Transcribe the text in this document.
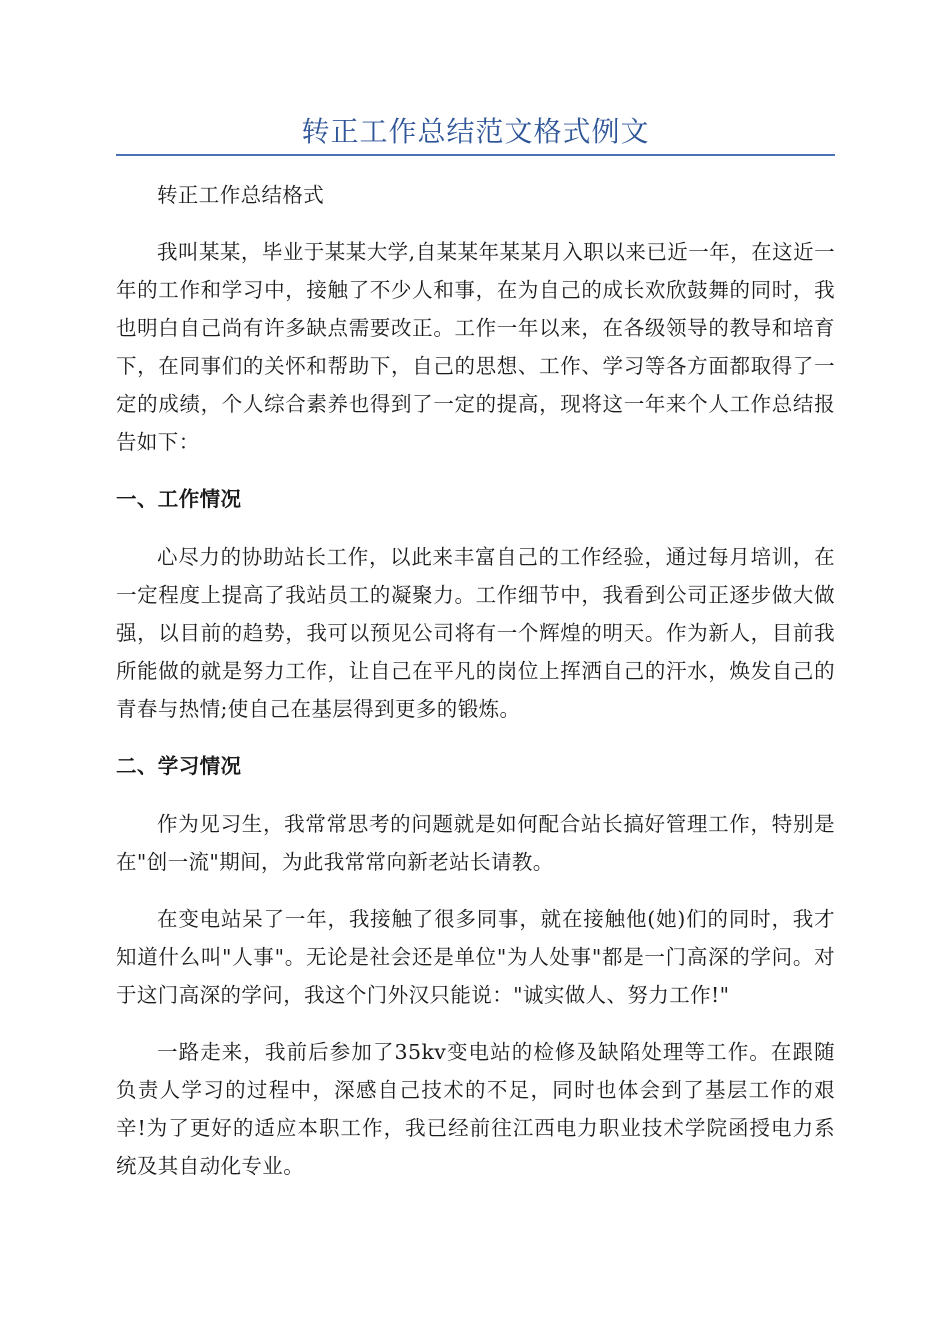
转正工作总结范文格式例文

转正工作总结格式

我叫某某，毕业于某某大学,自某某年某某月入职以来已近一年，在这近一年的工作和学习中，接触了不少人和事，在为自己的成长欢欣鼓舞的同时，我也明白自己尚有许多缺点需要改正。工作一年以来，在各级领导的教导和培育下，在同事们的关怀和帮助下，自己的思想、工作、学习等各方面都取得了一定的成绩，个人综合素养也得到了一定的提高，现将这一年来个人工作总结报告如下：

一、工作情况

心尽力的协助站长工作，以此来丰富自己的工作经验，通过每月培训，在一定程度上提高了我站员工的凝聚力。工作细节中，我看到公司正逐步做大做强，以目前的趋势，我可以预见公司将有一个辉煌的明天。作为新人，目前我所能做的就是努力工作，让自己在平凡的岗位上挥洒自己的汗水，焕发自己的青春与热情;使自己在基层得到更多的锻炼。

二、学习情况

作为见习生，我常常思考的问题就是如何配合站长搞好管理工作，特别是在"创一流"期间，为此我常常向新老站长请教。

在变电站呆了一年，我接触了很多同事，就在接触他(她)们的同时，我才知道什么叫"人事"。无论是社会还是单位"为人处事"都是一门高深的学问。对于这门高深的学问，我这个门外汉只能说："诚实做人、努力工作!"

一路走来，我前后参加了35kv变电站的检修及缺陷处理等工作。在跟随负责人学习的过程中，深感自己技术的不足，同时也体会到了基层工作的艰辛!为了更好的适应本职工作，我已经前往江西电力职业技术学院函授电力系统及其自动化专业。
